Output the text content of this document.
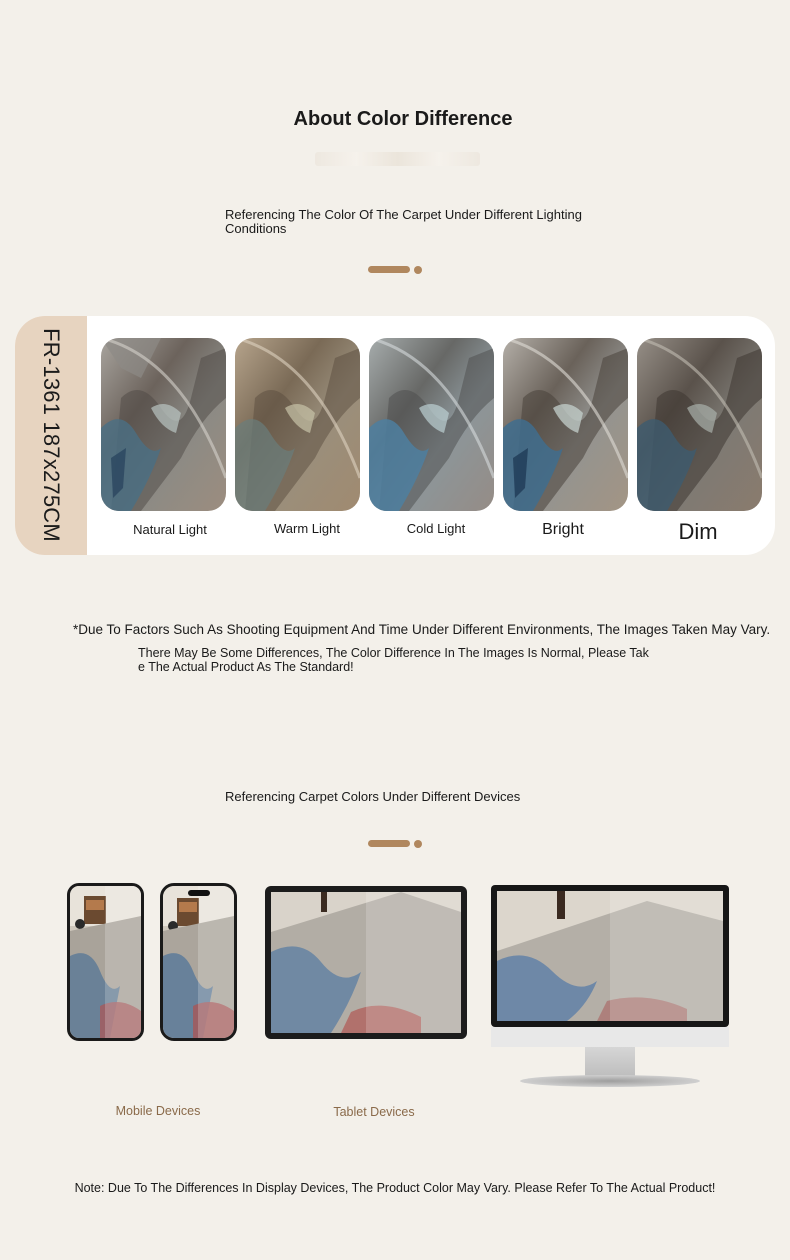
About Color Difference
Referencing The Color Of The Carpet Under Different Lighting Conditions
FR-1361 187x275CM	Natural Light	Warm Light	Cold Light	Bright	Dim
*Due To Factors Such As Shooting Equipment And Time Under Different Environments, The Images Taken May Vary.
There May Be Some Differences, The Color Difference In The Images Is Normal, Please Take The Actual Product As The Standard!
Referencing Carpet Colors Under Different Devices
Mobile Devices	Tablet Devices
Note: Due To The Differences In Display Devices, The Product Color May Vary. Please Refer To The Actual Product!
